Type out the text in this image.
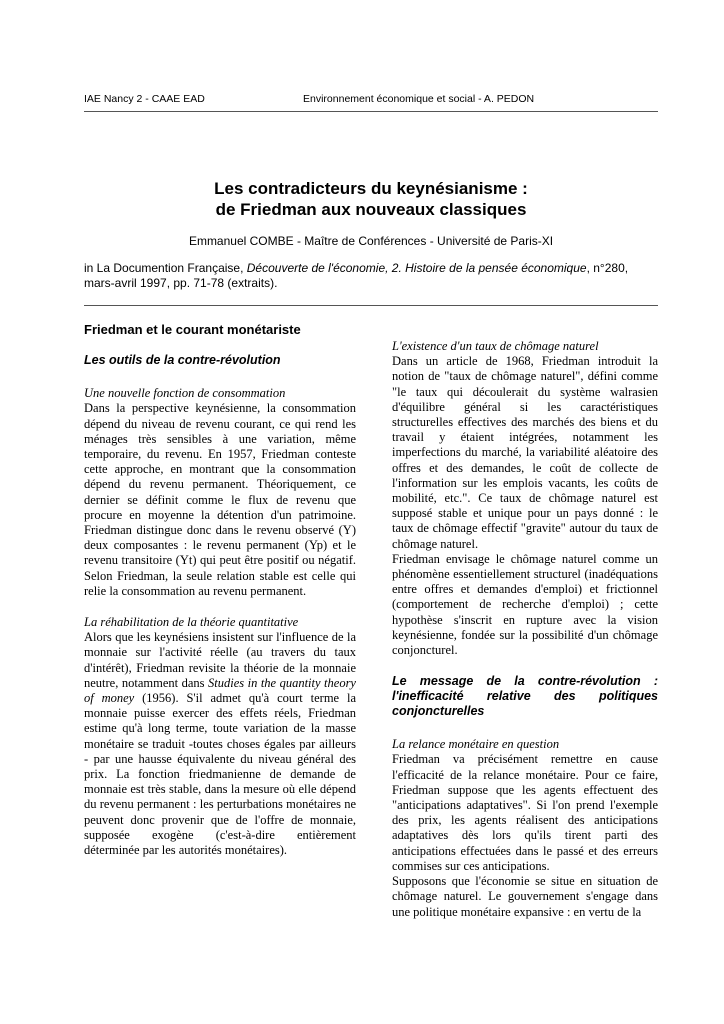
IAE Nancy 2 - CAAE EAD	Environnement économique et social - A. PEDON
Les contradicteurs du keynésianisme :
de Friedman aux nouveaux classiques
Emmanuel COMBE - Maître de Conférences - Université de Paris-XI
in La Documention Française, Découverte de l'économie, 2. Histoire de la pensée économique, n°280, mars-avril 1997, pp. 71-78 (extraits).
Friedman et le courant monétariste
Les outils de la contre-révolution

Une nouvelle fonction de consommation

Dans la perspective keynésienne, la consommation dépend du niveau de revenu courant, ce qui rend les ménages très sensibles à une variation, même temporaire, du revenu. En 1957, Friedman conteste cette approche, en montrant que la consommation dépend du revenu permanent. Théoriquement, ce dernier se définit comme le flux de revenu que procure en moyenne la détention d'un patrimoine. Friedman distingue donc dans le revenu observé (Y) deux composantes : le revenu permanent (Yp) et le revenu transitoire (Yt) qui peut être positif ou négatif. Selon Friedman, la seule relation stable est celle qui relie la consommation au revenu permanent.

La réhabilitation de la théorie quantitative

Alors que les keynésiens insistent sur l'influence de la monnaie sur l'activité réelle (au travers du taux d'intérêt), Friedman revisite la théorie de la monnaie neutre, notamment dans Studies in the quantity theory of money (1956). S'il admet qu'à court terme la monnaie puisse exercer des effets réels, Friedman estime qu'à long terme, toute variation de la masse monétaire se traduit -toutes choses égales par ailleurs - par une hausse équivalente du niveau général des prix. La fonction friedmanienne de demande de monnaie est très stable, dans la mesure où elle dépend du revenu permanent : les perturbations monétaires ne peuvent donc provenir que de l'offre de monnaie, supposée exogène (c'est-à-dire entièrement déterminée par les autorités monétaires).

L'existence d'un taux de chômage naturel

Dans un article de 1968, Friedman introduit la notion de "taux de chômage naturel", défini comme "le taux qui découlerait du système walrasien d'équilibre général si les caractéristiques structurelles effectives des marchés des biens et du travail y étaient intégrées, notamment les imperfections du marché, la variabilité aléatoire des offres et des demandes, le coût de collecte de l'information sur les emplois vacants, les coûts de mobilité, etc.". Ce taux de chômage naturel est supposé stable et unique pour un pays donné : le taux de chômage effectif "gravite" autour du taux de chômage naturel.

Friedman envisage le chômage naturel comme un phénomène essentiellement structurel (inadéquations entre offres et demandes d'emploi) et frictionnel (comportement de recherche d'emploi) ; cette hypothèse s'inscrit en rupture avec la vision keynésienne, fondée sur la possibilité d'un chômage conjoncturel.

Le message de la contre-révolution : l'inefficacité relative des politiques conjoncturelles

La relance monétaire en question

Friedman va précisément remettre en cause l'efficacité de la relance monétaire. Pour ce faire, Friedman suppose que les agents effectuent des "anticipations adaptatives". Si l'on prend l'exemple des prix, les agents réalisent des anticipations adaptatives dès lors qu'ils tirent parti des anticipations effectuées dans le passé et des erreurs commises sur ces anticipations.

Supposons que l'économie se situe en situation de chômage naturel. Le gouvernement s'engage dans une politique monétaire expansive : en vertu de la
